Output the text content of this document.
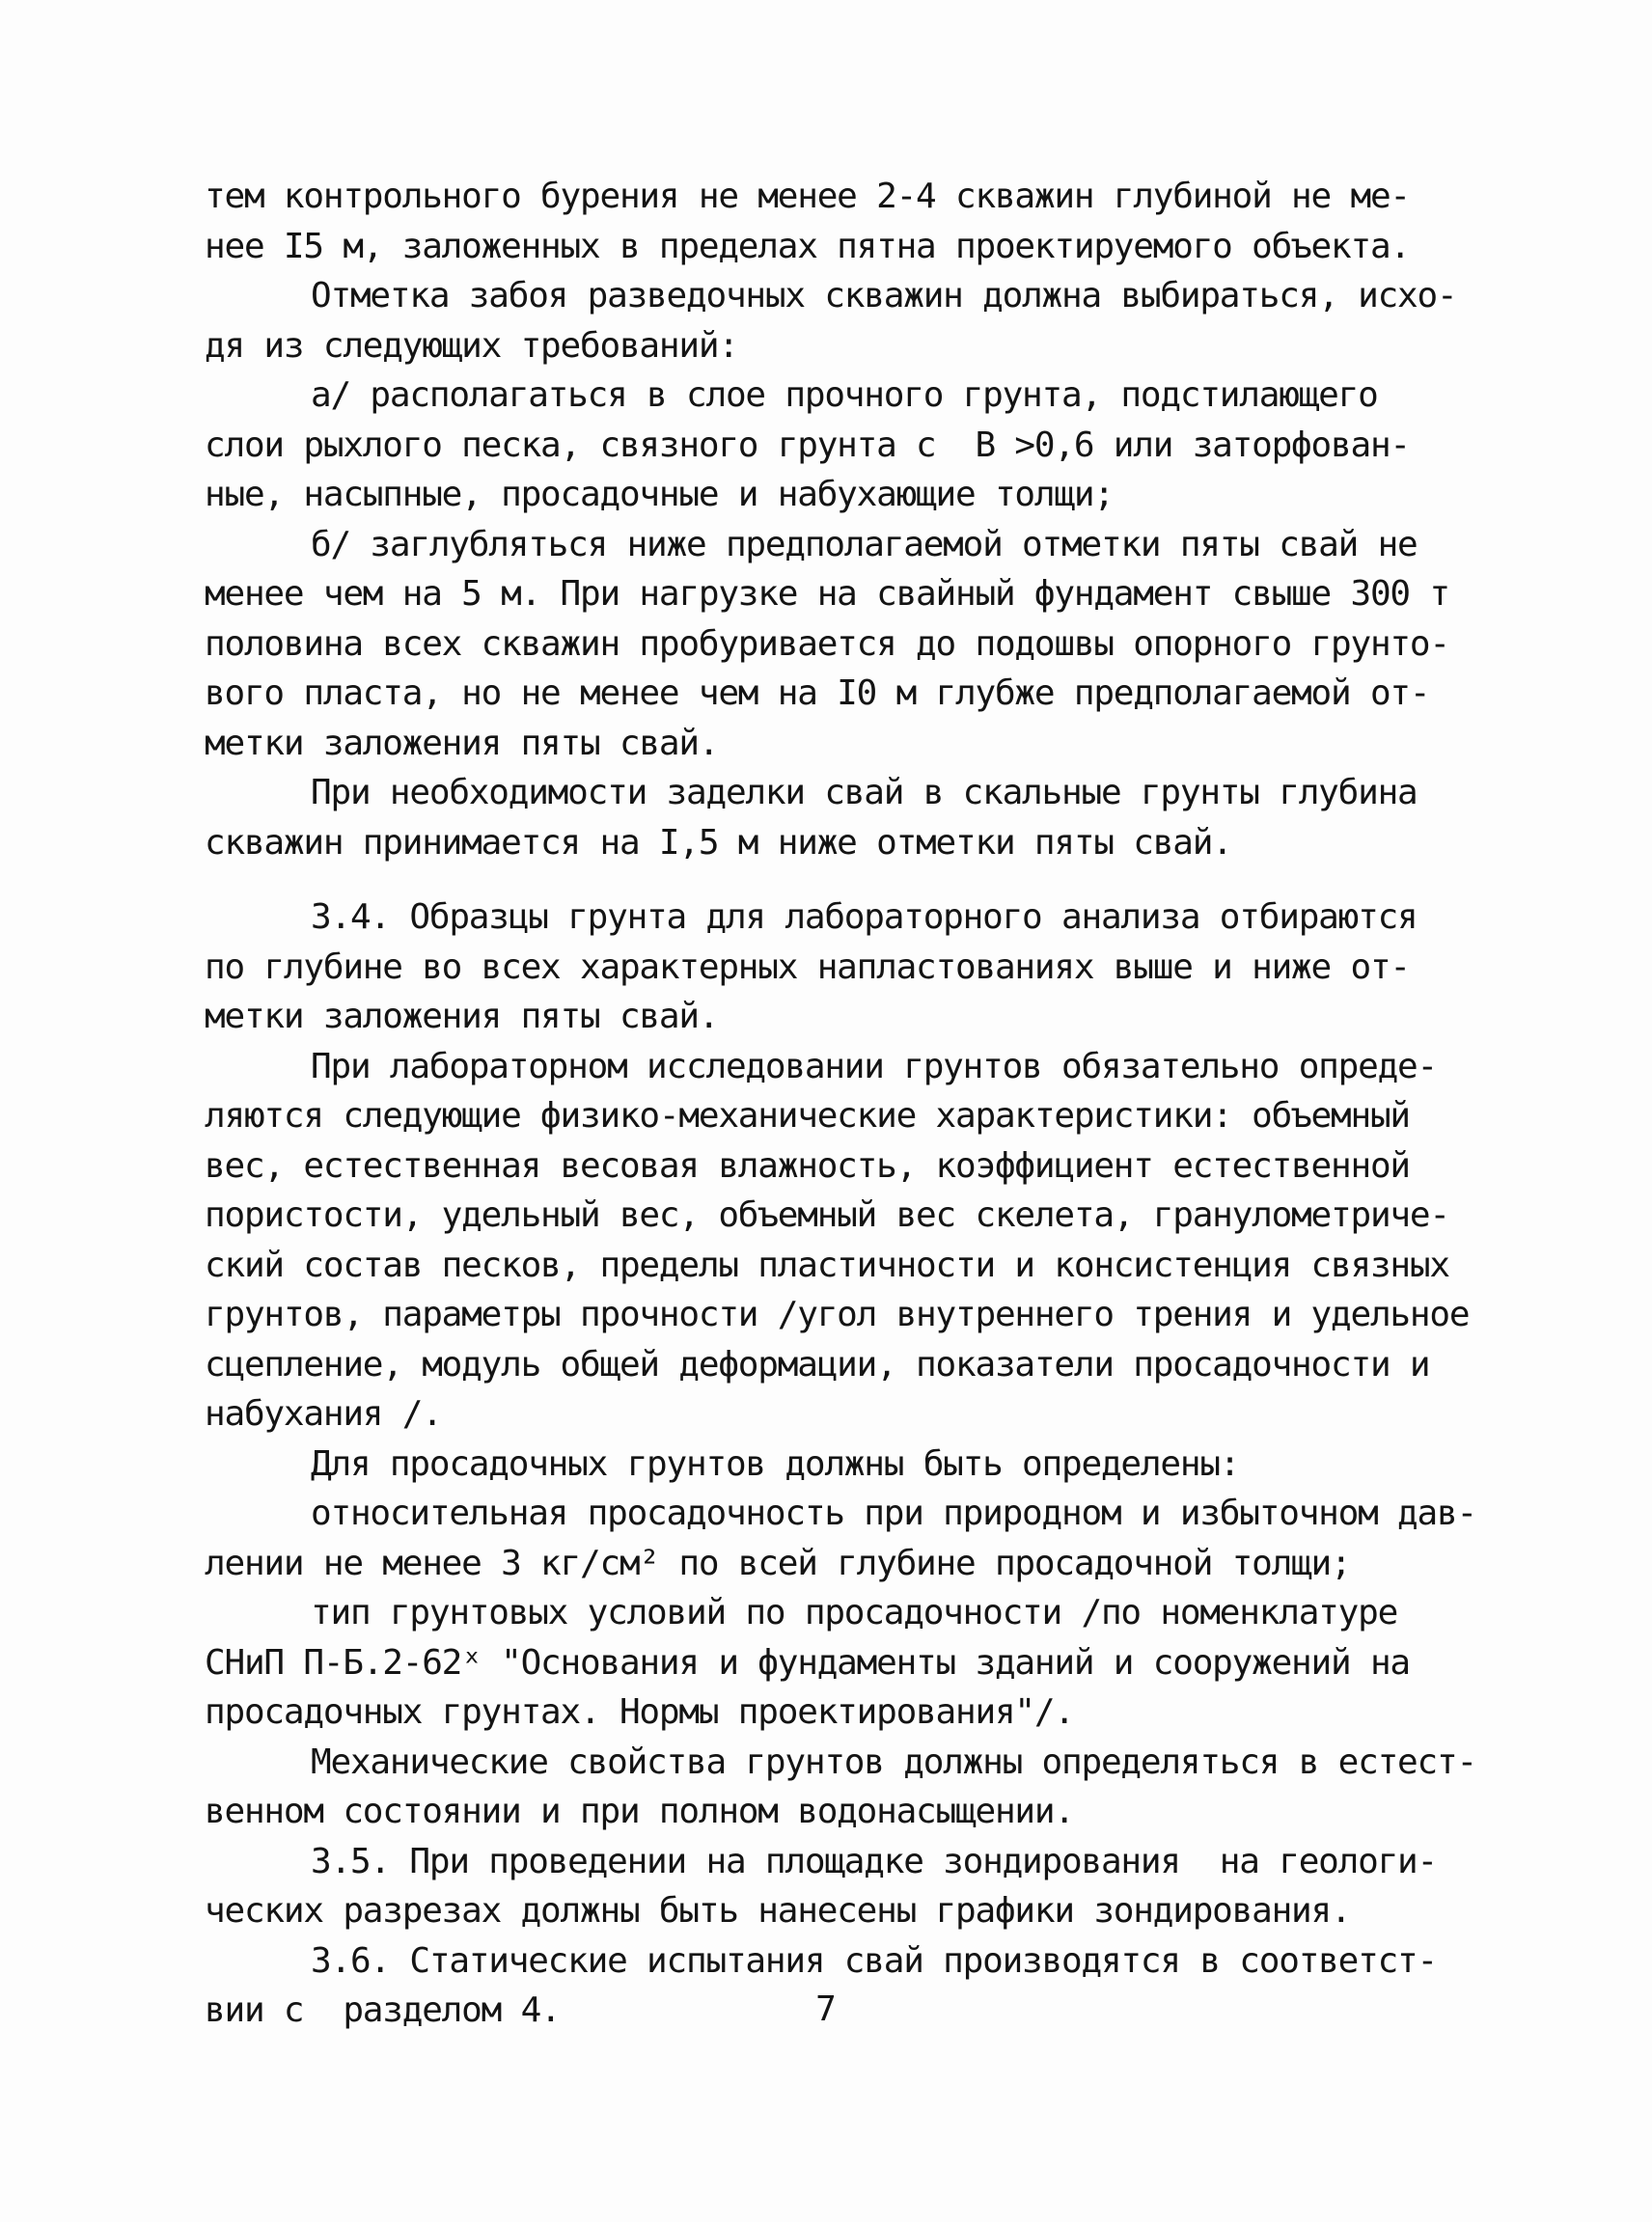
тем контрольного бурения не менее 2-4 скважин глубиной не ме-
нее I5 м, заложенных в пределах пятна проектируемого объекта.
Отметка забоя разведочных скважин должна выбираться, исхо-
дя из следующих требований:
а/ располагаться в слое прочного грунта, подстилающего
слои рыхлого песка, связного грунта с  B >0,6 или заторфован-
ные, насыпные, просадочные и набухающие толщи;
б/ заглубляться ниже предполагаемой отметки пяты свай не
менее чем на 5 м. При нагрузке на свайный фундамент свыше 300 т
половина всех скважин пробуривается до подошвы опорного грунто-
вого пласта, но не менее чем на I0 м глубже предполагаемой от-
метки заложения пяты свай.
При необходимости заделки свай в скальные грунты глубина
скважин принимается на I,5 м ниже отметки пяты свай.
3.4. Образцы грунта для лабораторного анализа отбираются
по глубине во всех характерных напластованиях выше и ниже от-
метки заложения пяты свай.
При лабораторном исследовании грунтов обязательно опреде-
ляются следующие физико-механические характеристики: объемный
вес, естественная весовая влажность, коэффициент естественной
пористости, удельный вес, объемный вес скелета, гранулометриче-
ский состав песков, пределы пластичности и консистенция связных
грунтов, параметры прочности /угол внутреннего трения и удельное
сцепление, модуль общей деформации, показатели просадочности и
набухания /.
Для просадочных грунтов должны быть определены:
относительная просадочность при природном и избыточном дав-
лении не менее 3 кг/см² по всей глубине просадочной толщи;
тип грунтовых условий по просадочности /по номенклатуре
СНиП П-Б.2-62ˣ "Основания и фундаменты зданий и сооружений на
просадочных грунтах. Нормы проектирования"/.
Механические свойства грунтов должны определяться в естест-
венном состоянии и при полном водонасыщении.
3.5. При проведении на площадке зондирования  на геологи-
ческих разрезах должны быть нанесены графики зондирования.
3.6. Статические испытания свай производятся в соответст-
вии с  разделом 4.	7
